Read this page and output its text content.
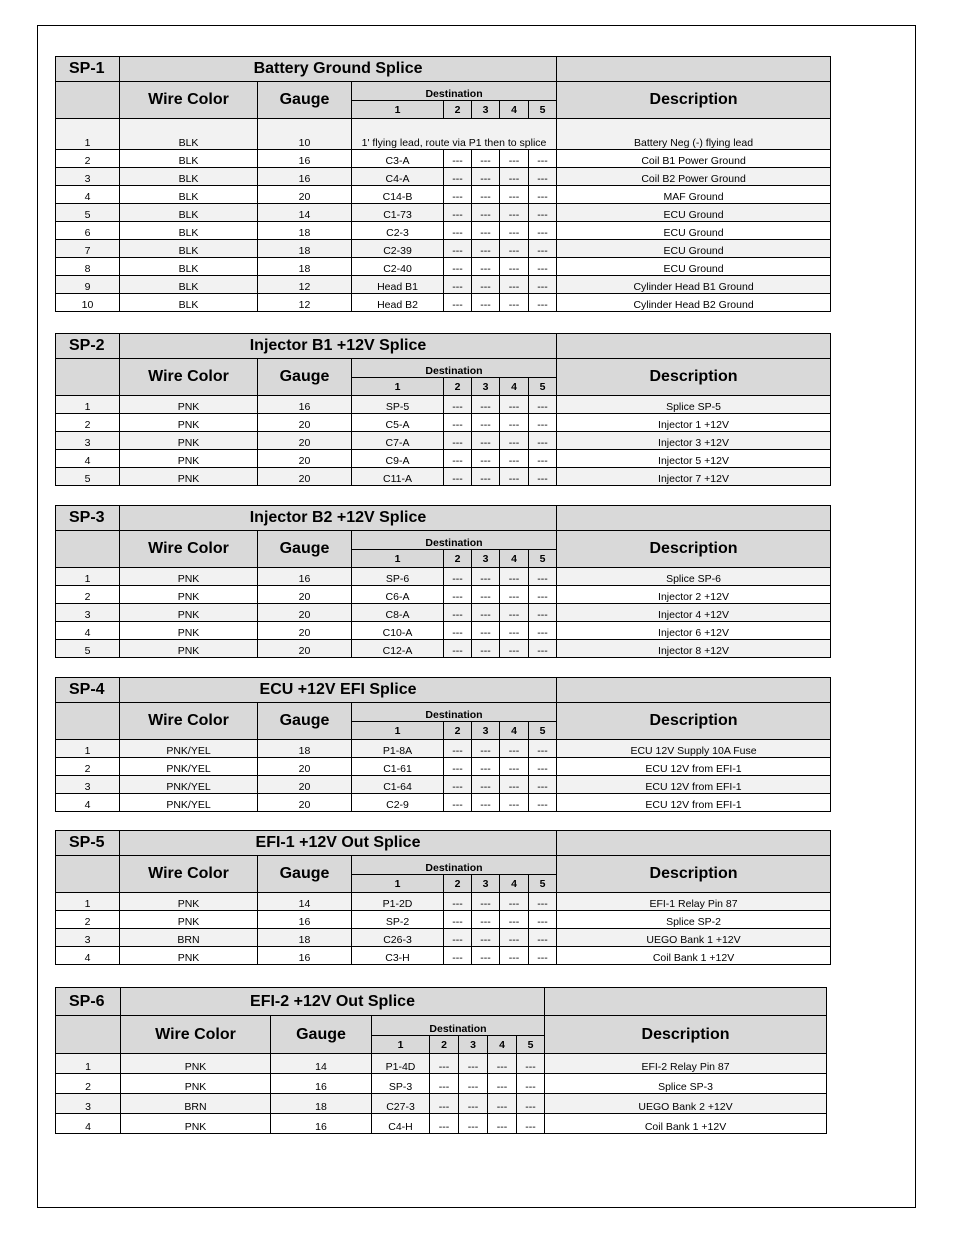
SP-1	Battery Ground Splice							
	Wire Color	Gauge	Destination					Description
			1	2	3	4	5	
1	BLK	10	1' flying lead, route via P1 then to splice					Battery Neg (-) flying lead
2	BLK	16	C3-A	---	---	---	---	Coil B1 Power Ground
3	BLK	16	C4-A	---	---	---	---	Coil B2 Power Ground
4	BLK	20	C14-B	---	---	---	---	MAF Ground
5	BLK	14	C1-73	---	---	---	---	ECU Ground
6	BLK	18	C2-3	---	---	---	---	ECU Ground
7	BLK	18	C2-39	---	---	---	---	ECU Ground
8	BLK	18	C2-40	---	---	---	---	ECU Ground
9	BLK	12	Head B1	---	---	---	---	Cylinder Head B1 Ground
10	BLK	12	Head B2	---	---	---	---	Cylinder Head B2 Ground
SP-2	Injector B1 +12V Splice							
	Wire Color	Gauge	Destination					Description
			1	2	3	4	5	
1	PNK	16	SP-5	---	---	---	---	Splice SP-5
2	PNK	20	C5-A	---	---	---	---	Injector 1 +12V
3	PNK	20	C7-A	---	---	---	---	Injector 3 +12V
4	PNK	20	C9-A	---	---	---	---	Injector 5 +12V
5	PNK	20	C11-A	---	---	---	---	Injector 7 +12V
SP-3	Injector B2 +12V Splice							
	Wire Color	Gauge	Destination					Description
			1	2	3	4	5	
1	PNK	16	SP-6	---	---	---	---	Splice SP-6
2	PNK	20	C6-A	---	---	---	---	Injector 2 +12V
3	PNK	20	C8-A	---	---	---	---	Injector 4 +12V
4	PNK	20	C10-A	---	---	---	---	Injector 6 +12V
5	PNK	20	C12-A	---	---	---	---	Injector 8 +12V
SP-4	ECU +12V EFI Splice							
	Wire Color	Gauge	Destination					Description
			1	2	3	4	5	
1	PNK/YEL	18	P1-8A	---	---	---	---	ECU 12V Supply 10A Fuse
2	PNK/YEL	20	C1-61	---	---	---	---	ECU 12V from EFI-1
3	PNK/YEL	20	C1-64	---	---	---	---	ECU 12V from EFI-1
4	PNK/YEL	20	C2-9	---	---	---	---	ECU 12V from EFI-1
SP-5	EFI-1 +12V Out Splice							
	Wire Color	Gauge	Destination					Description
			1	2	3	4	5	
1	PNK	14	P1-2D	---	---	---	---	EFI-1 Relay Pin 87
2	PNK	16	SP-2	---	---	---	---	Splice SP-2
3	BRN	18	C26-3	---	---	---	---	UEGO Bank 1 +12V
4	PNK	16	C3-H	---	---	---	---	Coil Bank 1 +12V
SP-6	EFI-2 +12V Out Splice							
	Wire Color	Gauge	Destination					Description
			1	2	3	4	5	
1	PNK	14	P1-4D	---	---	---	---	EFI-2 Relay Pin 87
2	PNK	16	SP-3	---	---	---	---	Splice SP-3
3	BRN	18	C27-3	---	---	---	---	UEGO Bank 2 +12V
4	PNK	16	C4-H	---	---	---	---	Coil Bank 1 +12V
